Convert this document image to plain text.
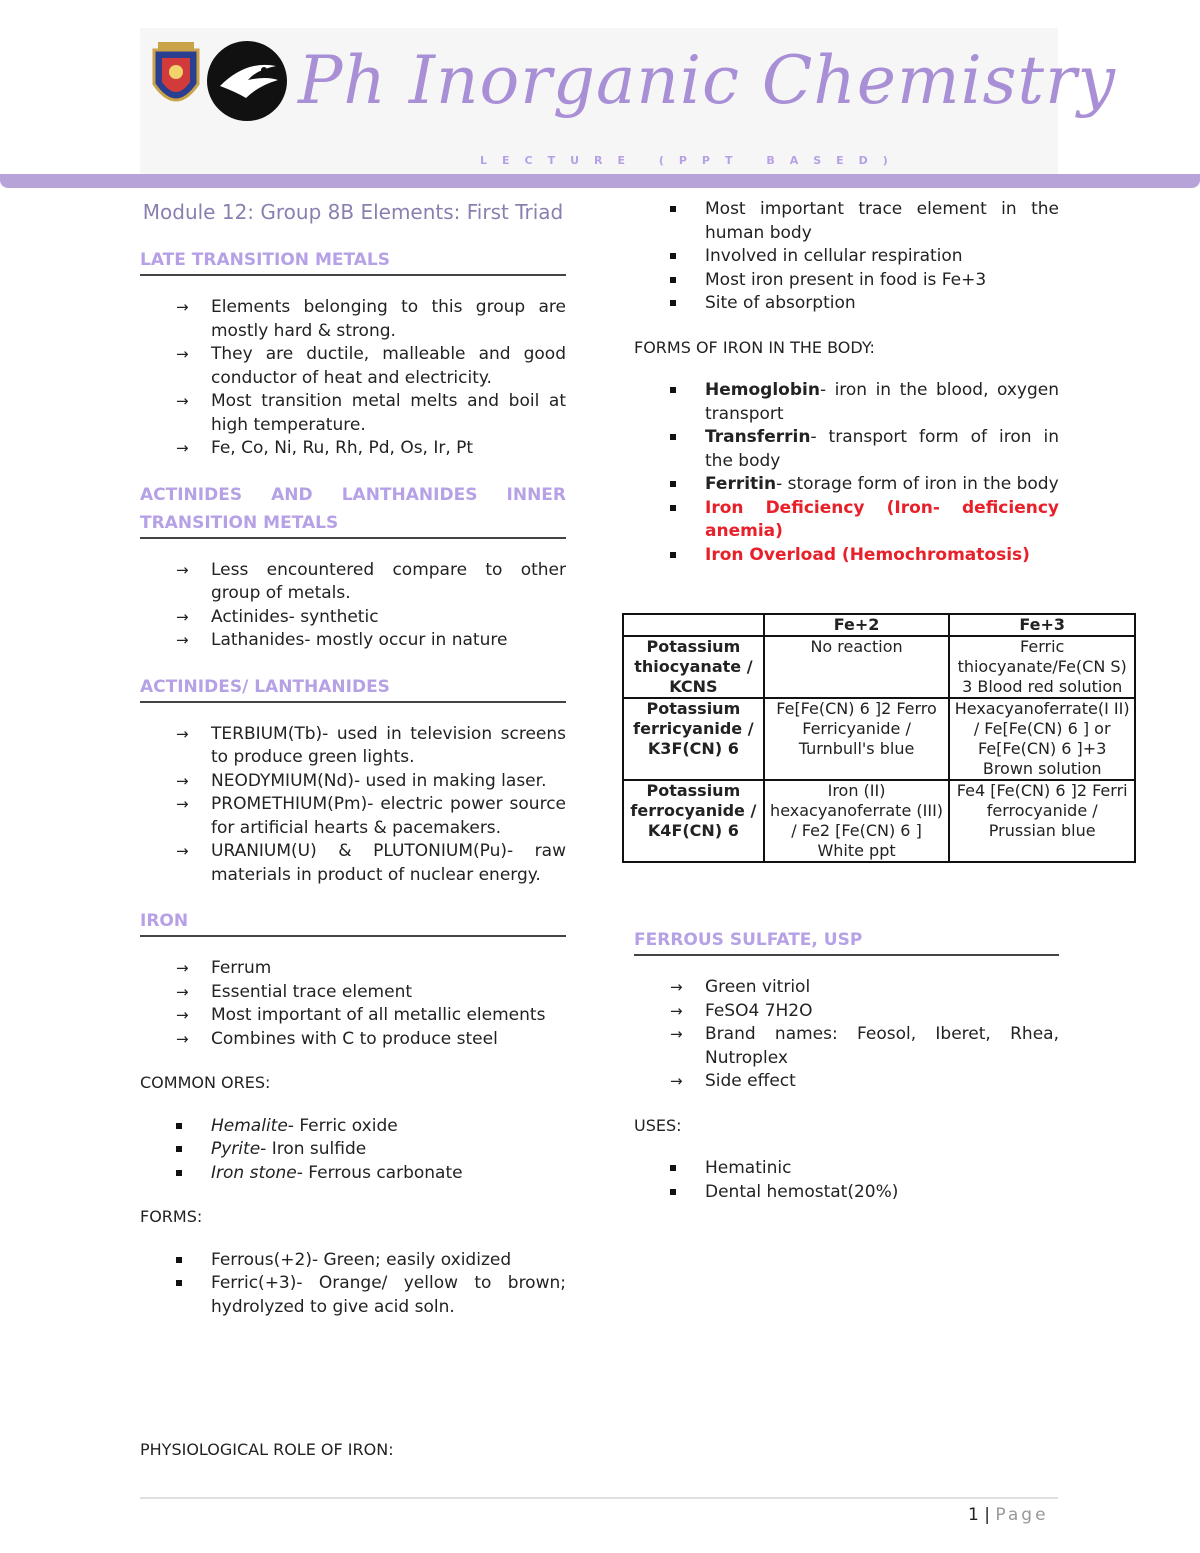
Ph Inorganic Chemistry
LECTURE (PPT BASED)
Module 12: Group 8B Elements: First Triad
LATE TRANSITION METALS
→ Elements belonging to this group are mostly hard & strong.
→ They are ductile, malleable and good conductor of heat and electricity.
→ Most transition metal melts and boil at high temperature.
→ Fe, Co, Ni, Ru, Rh, Pd, Os, Ir, Pt
ACTINIDES AND LANTHANIDES INNER TRANSITION METALS
→ Less encountered compare to other group of metals.
→ Actinides- synthetic
→ Lathanides- mostly occur in nature
ACTINIDES/ LANTHANIDES
→ TERBIUM(Tb)- used in television screens to produce green lights.
→ NEODYMIUM(Nd)- used in making laser.
→ PROMETHIUM(Pm)- electric power source for artificial hearts & pacemakers.
→ URANIUM(U) & PLUTONIUM(Pu)- raw materials in product of nuclear energy.
IRON
→ Ferrum
→ Essential trace element
→ Most important of all metallic elements
→ Combines with C to produce steel
COMMON ORES:
Hemalite- Ferric oxide
Pyrite- Iron sulfide
Iron stone- Ferrous carbonate
FORMS:
Ferrous(+2)- Green; easily oxidized
Ferric(+3)- Orange/ yellow to brown; hydrolyzed to give acid soln.
PHYSIOLOGICAL ROLE OF IRON:
Most important trace element in the human body
Involved in cellular respiration
Most iron present in food is Fe+3
Site of absorption
FORMS OF IRON IN THE BODY:
Hemoglobin- iron in the blood, oxygen transport
Transferrin- transport form of iron in the body
Ferritin- storage form of iron in the body
Iron Deficiency (Iron- deficiency anemia)
Iron Overload (Hemochromatosis)
	Fe+2	Fe+3
Potassium thiocyanate / KCNS	No reaction	Ferric thiocyanate/Fe(CN S) 3 Blood red solution
Potassium ferricyanide / K3F(CN) 6	Fe[Fe(CN) 6 ]2 Ferro Ferricyanide / Turnbull's blue	Hexacyanoferrate(I II) / Fe[Fe(CN) 6 ] or Fe[Fe(CN) 6 ]+3 Brown solution
Potassium ferrocyanide / K4F(CN) 6	Iron (II) hexacyanoferrate (III) / Fe2 [Fe(CN) 6 ] White ppt	Fe4 [Fe(CN) 6 ]2 Ferri ferrocyanide / Prussian blue
FERROUS SULFATE, USP
→ Green vitriol
→ FeSO4 7H2O
→ Brand names: Feosol, Iberet, Rhea, Nutroplex
→ Side effect
USES:
Hematinic
Dental hemostat(20%)
1 | Page
